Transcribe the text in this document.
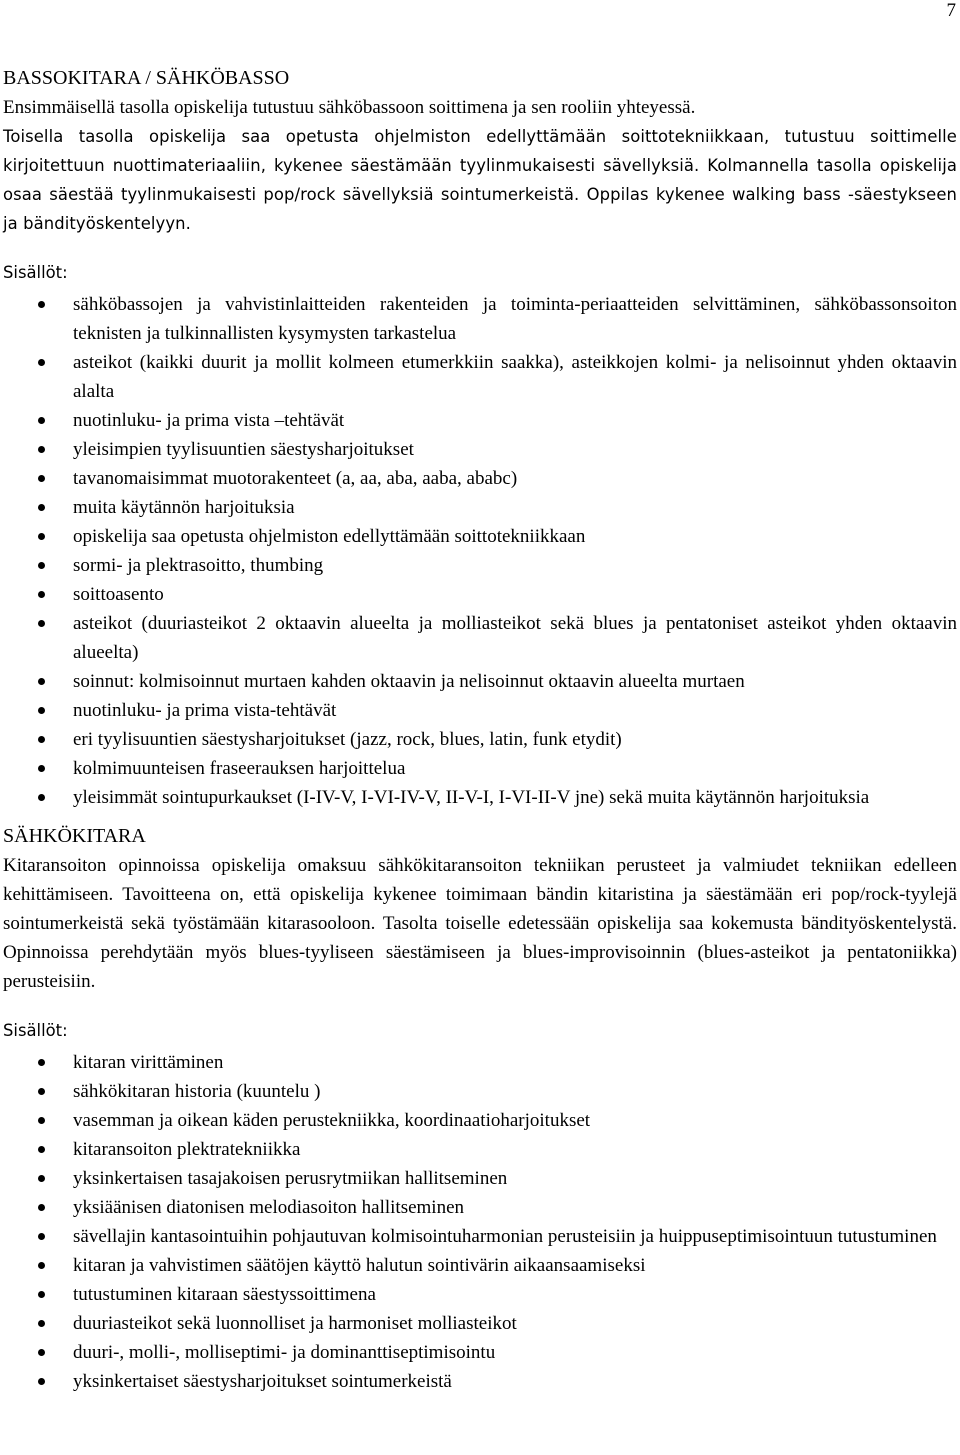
7
BASSOKITARA / SÄHKÖBASSO

Ensimmäisellä tasolla opiskelija tutustuu sähköbassoon soittimena ja sen rooliin yhteyessä.

Toisella tasolla opiskelija saa opetusta ohjelmiston edellyttämään soittotekniikkaan, tutustuu soittimelle kirjoitettuun nuottimateriaaliin, kykenee säestämään tyylinmukaisesti sävellyksiä. Kolmannella tasolla opiskelija osaa säestää tyylinmukaisesti pop/rock sävellyksiä sointumerkeistä. Oppilas kykenee walking bass -säestykseen ja bändityöskentelyyn.

Sisällöt:
sähköbassojen ja vahvistinlaitteiden rakenteiden ja toiminta-periaatteiden selvittäminen, sähköbassonsoiton teknisten ja tulkinnallisten kysymysten tarkastelua
asteikot (kaikki duurit ja mollit kolmeen etumerkkiin saakka), asteikkojen kolmi- ja nelisoinnut yhden oktaavin alalta
nuotinluku- ja prima vista –tehtävät
yleisimpien tyylisuuntien säestysharjoitukset
tavanomaisimmat muotorakenteet (a, aa, aba, aaba, ababc)
muita käytännön harjoituksia
opiskelija saa opetusta ohjelmiston edellyttämään soittotekniikkaan
sormi- ja plektrasoitto, thumbing
soittoasento
asteikot (duuriasteikot 2 oktaavin alueelta ja molliasteikot sekä blues ja pentatoniset asteikot yhden oktaavin alueelta)
soinnut: kolmisoinnut murtaen kahden oktaavin ja nelisoinnut oktaavin alueelta murtaen
nuotinluku- ja prima vista-tehtävät
eri tyylisuuntien säestysharjoitukset (jazz, rock, blues, latin, funk etydit)
kolmimuunteisen fraseerauksen harjoittelua
yleisimmät sointupurkaukset (I-IV-V, I-VI-IV-V, II-V-I, I-VI-II-V jne) sekä muita käytännön harjoituksia
SÄHKÖKITARA

Kitaransoiton opinnoissa opiskelija omaksuu sähkökitaransoiton tekniikan perusteet ja valmiudet tekniikan edelleen kehittämiseen. Tavoitteena on, että opiskelija kykenee toimimaan bändin kitaristina ja säestämään eri pop/rock-tyylejä sointumerkeistä sekä työstämään kitarasooloon. Tasolta toiselle edetessään opiskelija saa kokemusta bändityöskentelystä. Opinnoissa perehdytään myös blues-tyyliseen säestämiseen ja blues-improvisoinnin (blues-asteikot ja pentatoniikka) perusteisiin.

Sisällöt:
kitaran virittäminen
sähkökitaran historia (kuuntelu )
vasemman ja oikean käden perustekniikka, koordinaatioharjoitukset
kitaransoiton plektratekniikka
yksinkertaisen tasajakoisen perusrytmiikan hallitseminen
yksiäänisen diatonisen melodiasoiton hallitseminen
sävellajin kantasointuihin pohjautuvan kolmisointuharmonian perusteisiin ja huippuseptimisointuun tutustuminen
kitaran ja vahvistimen säätöjen käyttö halutun sointivärin aikaansaamiseksi
tutustuminen kitaraan säestyssoittimena
duuriasteikot sekä luonnolliset ja harmoniset molliasteikot
duuri-, molli-, molliseptimi- ja dominanttiseptimisointu
yksinkertaiset säestysharjoitukset sointumerkeistä
